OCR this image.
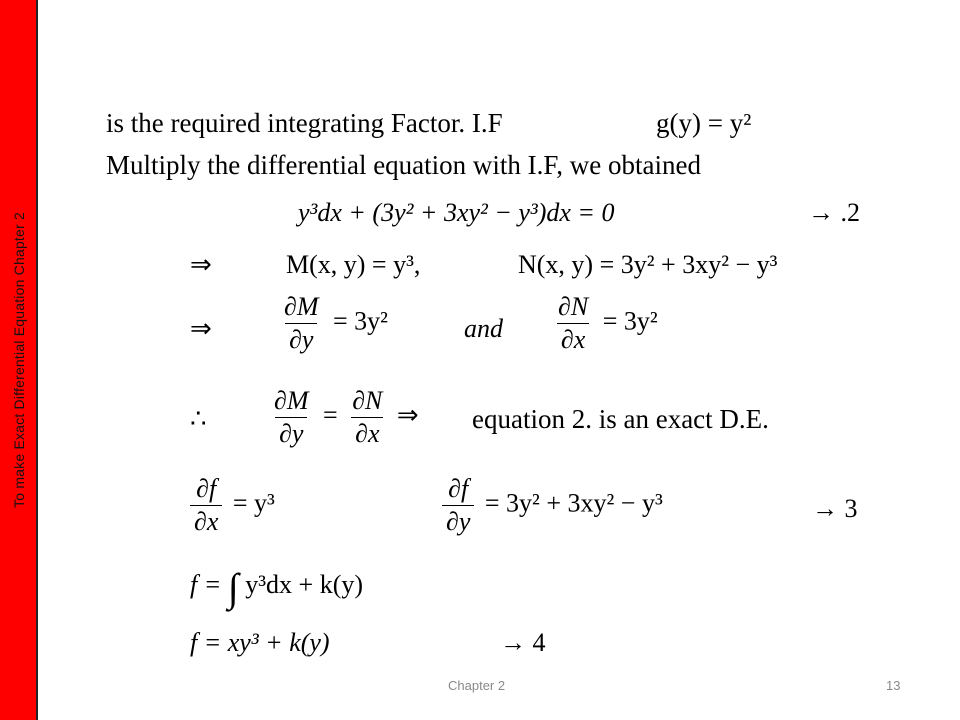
To make Exact Differential Equation Chapter 2
is the required integrating Factor. I.F	g(y) = y²
Multiply the differential equation with I.F, we obtained
y³dx + (3y² + 3xy² − y³)dx = 0	→ .2
⇒	M(x, y) = y³,	N(x, y) = 3y² + 3xy² − y³
⇒	$\frac{\partial M}{\partial y} = 3y^2$	and $\frac{\partial N}{\partial x} = 3y^2$
∴ $\frac{\partial M}{\partial y} = \frac{\partial N}{\partial x}$ ⇒ equation 2. is an exact D.E.
$\frac{\partial f}{\partial x} = y^3$	$\frac{\partial f}{\partial y} = 3y^2 + 3xy^2 - y^3$	→ 3
f = ∫ y³dx + k(y)
f = xy³ + k(y)	→ 4
Chapter 2	13
